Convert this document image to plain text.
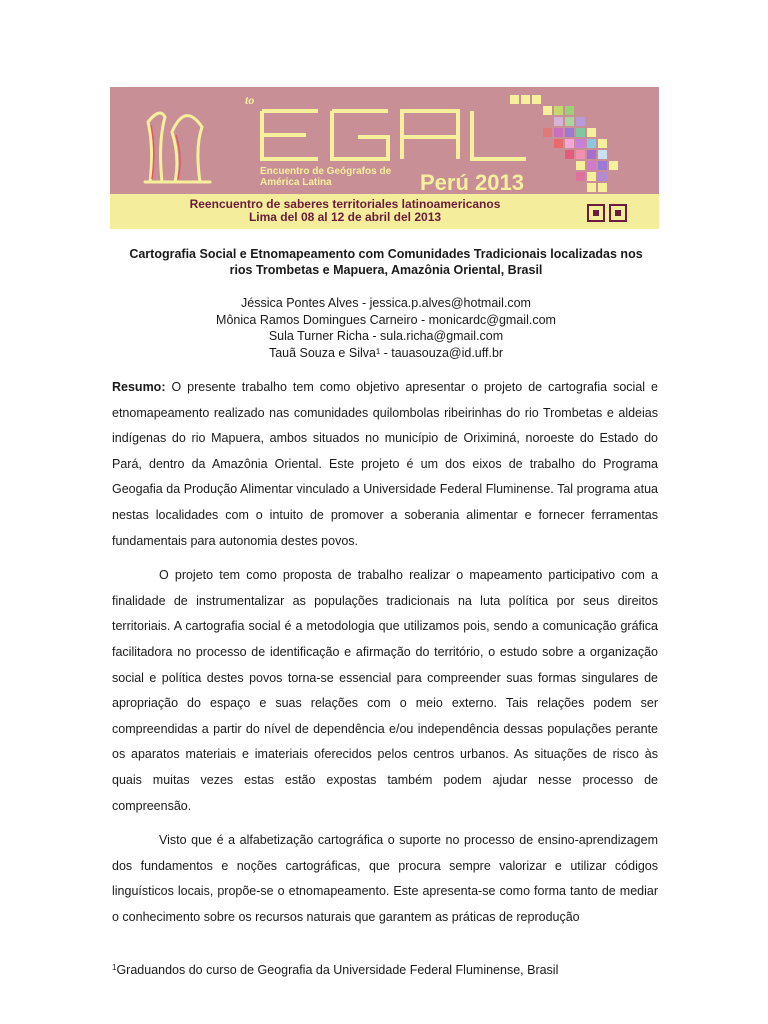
to
Encuentro de Geógrafos de
América Latina	Perú 2013
Reencuentro de saberes territoriales latinoamericanos
Lima del 08 al 12 de abril del 2013
Cartografia Social e Etnomapeamento com Comunidades Tradicionais localizadas nos
rios Trombetas e Mapuera, Amazônia Oriental, Brasil
Jéssica Pontes Alves - jessica.p.alves@hotmail.com
Mônica Ramos Domingues Carneiro - monicardc@gmail.com
Sula Turner Richa - sula.richa@gmail.com
Tauã Souza e Silva¹ - tauasouza@id.uff.br

Resumo: O presente trabalho tem como objetivo apresentar o projeto de cartografia social e etnomapeamento realizado nas comunidades quilombolas ribeirinhas do rio Trombetas e aldeias indígenas do rio Mapuera, ambos situados no município de Oriximiná, noroeste do Estado do Pará, dentro da Amazônia Oriental. Este projeto é um dos eixos de trabalho do Programa Geogafia da Produção Alimentar vinculado a Universidade Federal Fluminense. Tal programa atua nestas localidades com o intuito de promover a soberania alimentar e fornecer ferramentas fundamentais para autonomia destes povos.

O projeto tem como proposta de trabalho realizar o mapeamento participativo com a finalidade de instrumentalizar as populações tradicionais na luta política por seus direitos territoriais. A cartografia social é a metodologia que utilizamos pois, sendo a comunicação gráfica facilitadora no processo de identificação e afirmação do território, o estudo sobre a organização social e política destes povos torna-se essencial para compreender suas formas singulares de apropriação do espaço e suas relações com o meio externo. Tais relações podem ser compreendidas a partir do nível de dependência e/ou independência dessas populações perante os aparatos materiais e imateriais oferecidos pelos centros urbanos. As situações de risco às quais muitas vezes estas estão expostas também podem ajudar nesse processo de compreensão.

Visto que é a alfabetização cartográfica o suporte no processo de ensino-aprendizagem dos fundamentos e noções cartográficas, que procura sempre valorizar e utilizar códigos linguísticos locais, propõe-se o etnomapeamento. Este apresenta-se como forma tanto de mediar o conhecimento sobre os recursos naturais que garantem as práticas de reprodução

$^1$Graduandos do curso de Geografia da Universidade Federal Fluminense, Brasil
